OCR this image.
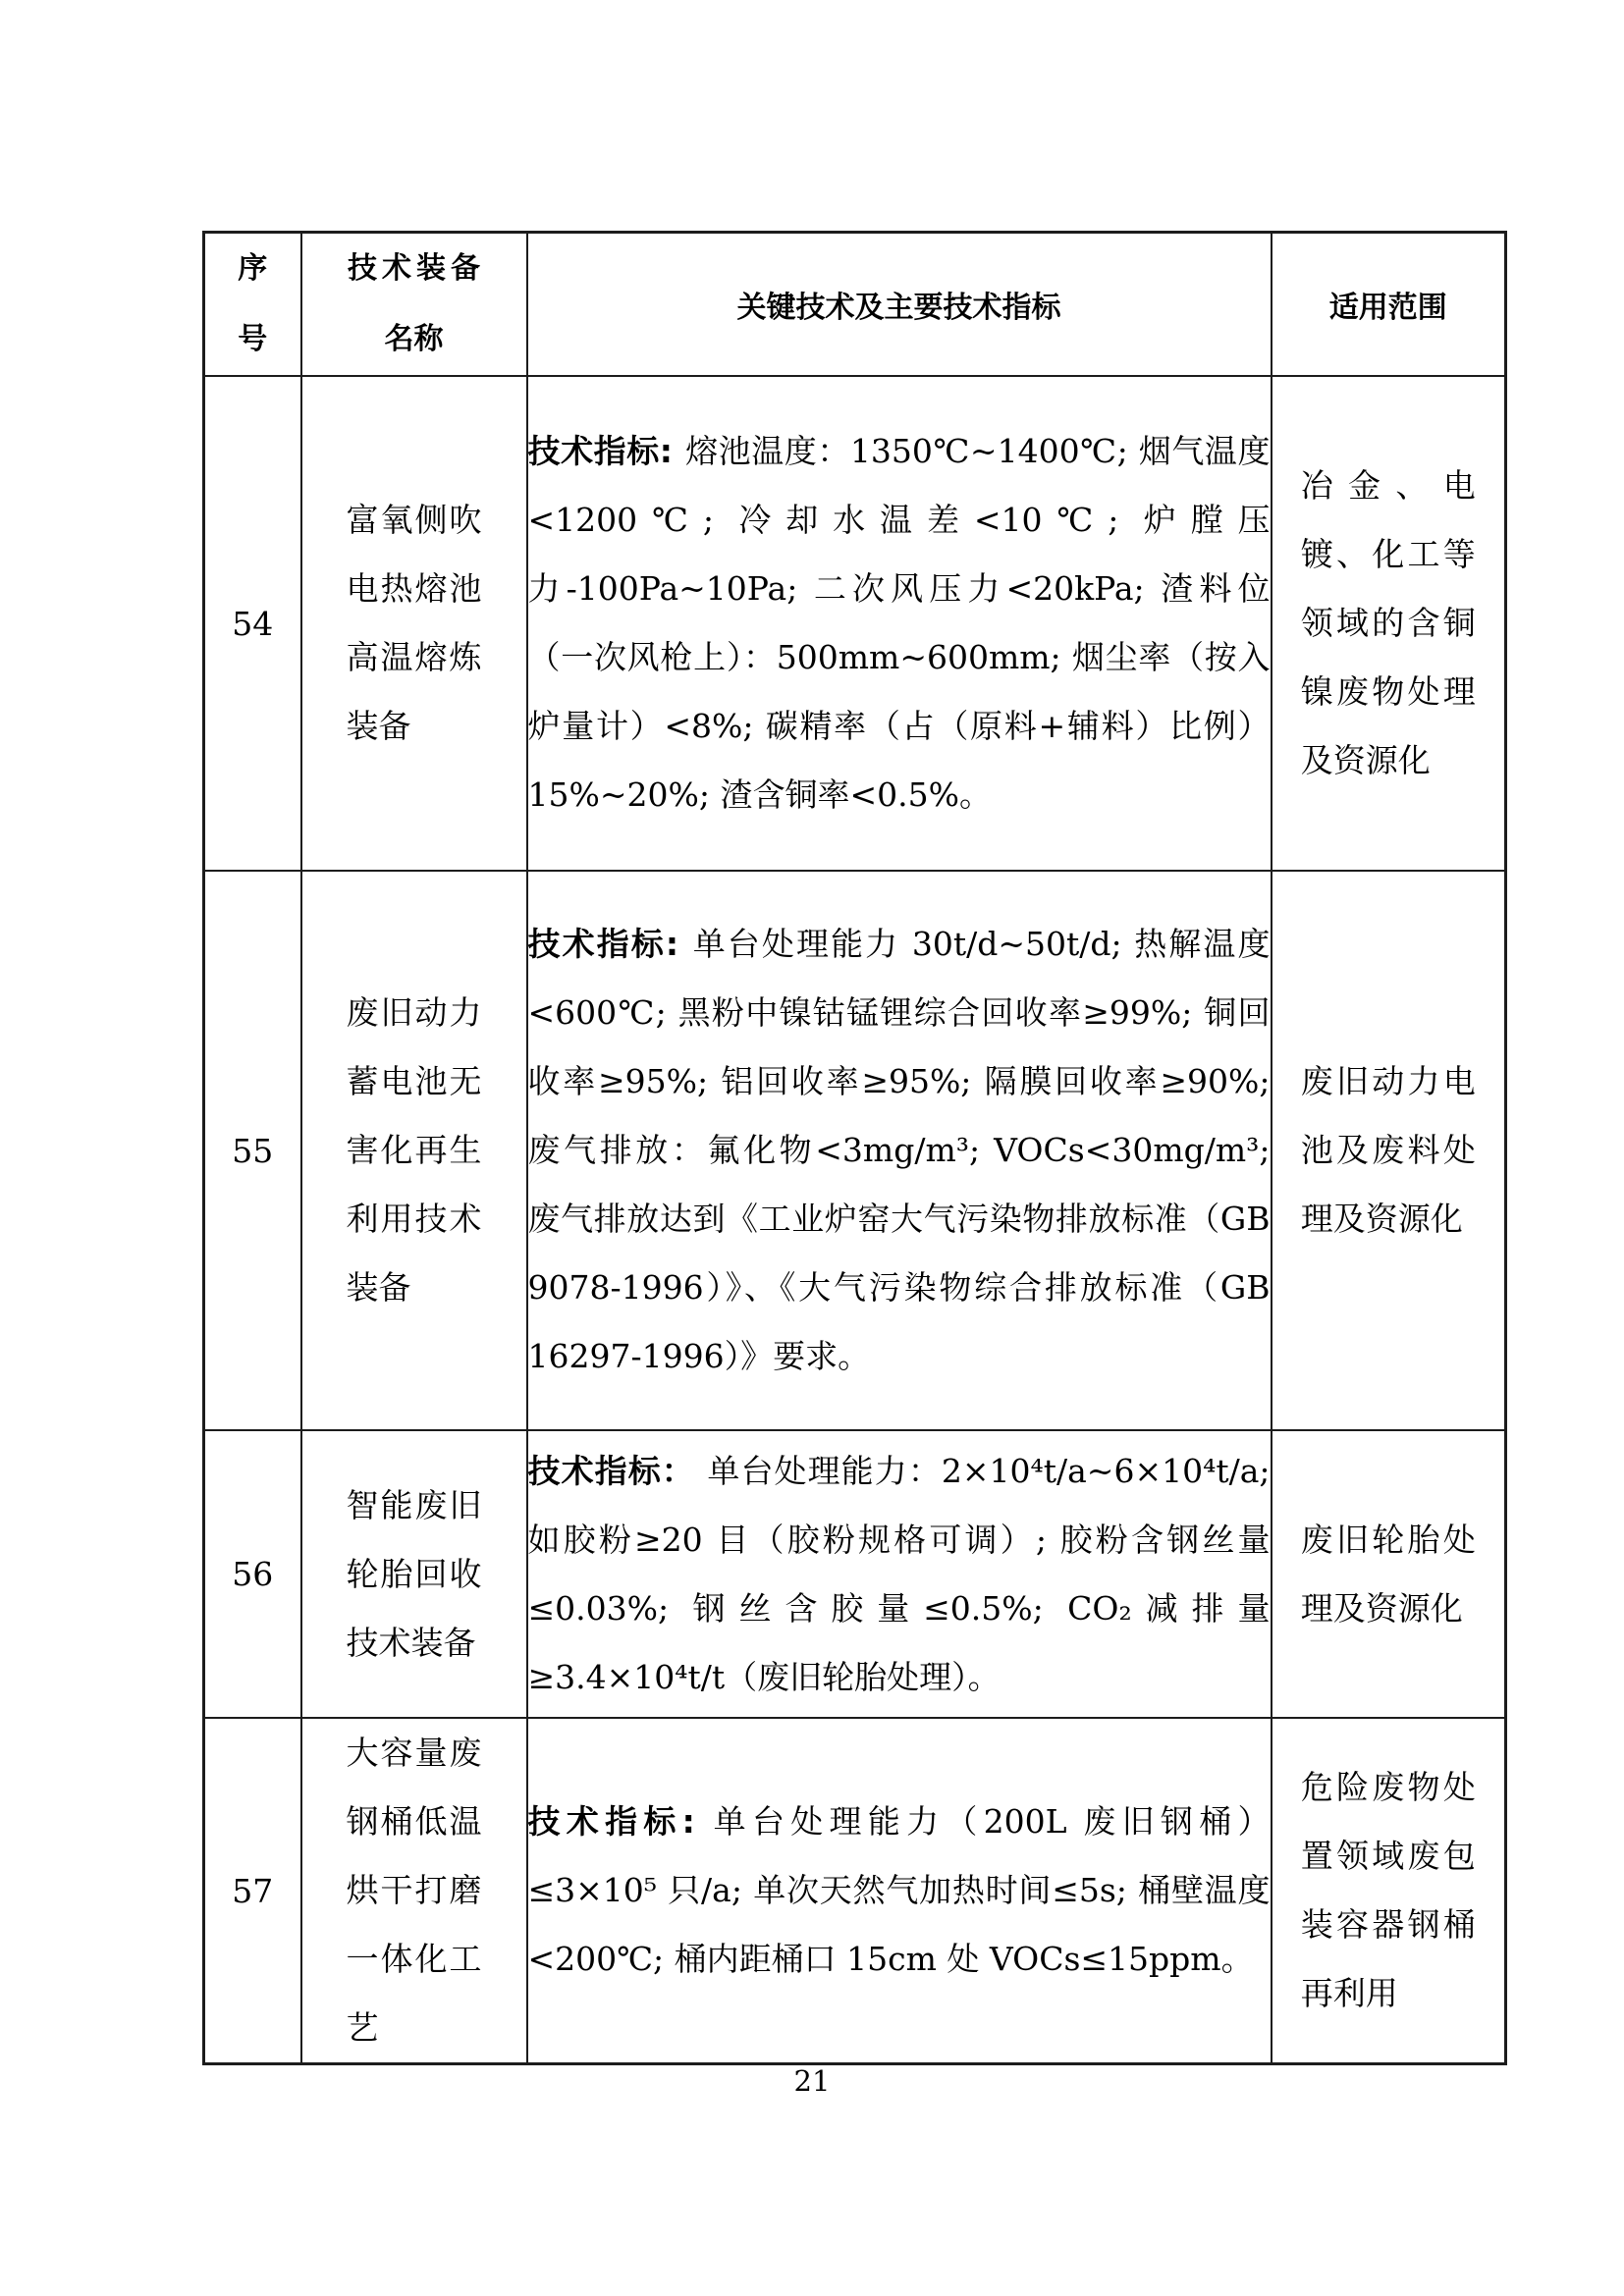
序号	技术装备名称	关键技术及主要技术指标	适用范围
54	富氧侧吹电热熔池高温熔炼装备	技术指标: 熔池温度：1350℃~1400℃; 烟气温度<1200℃; 冷却水温差<10℃; 炉膛压力-100Pa~10Pa; 二次风压力<20kPa; 渣料位（一次风枪上）：500mm~600mm; 烟尘率（按入炉量计）<8%; 碳精率（占（原料+辅料）比例）15%~20%; 渣含铜率<0.5%。	冶金、电镀、化工等领域的含铜镍废物处理及资源化

55	废旧动力蓄电池无害化再生利用技术装备	技术指标: 单台处理能力 30t/d~50t/d; 热解温度<600℃; 黑粉中镍钴锰锂综合回收率≥99%; 铜回收率≥95%; 铝回收率≥95%; 隔膜回收率≥90%; 废气排放：氟化物<3mg/m³; VOCs<30mg/m³; 废气排放达到《工业炉窑大气污染物排放标准（GB 9078-1996）》、《大气污染物综合排放标准（GB 16297-1996）》要求。	废旧动力电池及废料处理及资源化

56	智能废旧轮胎回收技术装备	技术指标： 单台处理能力：2×10⁴t/a~6×10⁴t/a; 如胶粉≥20 目（胶粉规格可调）; 胶粉含钢丝量≤0.03%; 钢丝含胶量≤0.5%; CO₂减排量≥3.4×10⁴t/t（废旧轮胎处理）。	废旧轮胎处理及资源化

57	大容量废钢桶低温烘干打磨一体化工艺	技术指标: 单台处理能力（200L 废旧钢桶）≤3×10⁵ 只/a; 单次天然气加热时间≤5s; 桶壁温度<200℃; 桶内距桶口 15cm 处 VOCs≤15ppm。	危险废物处置领域废包装容器钢桶再利用
21
